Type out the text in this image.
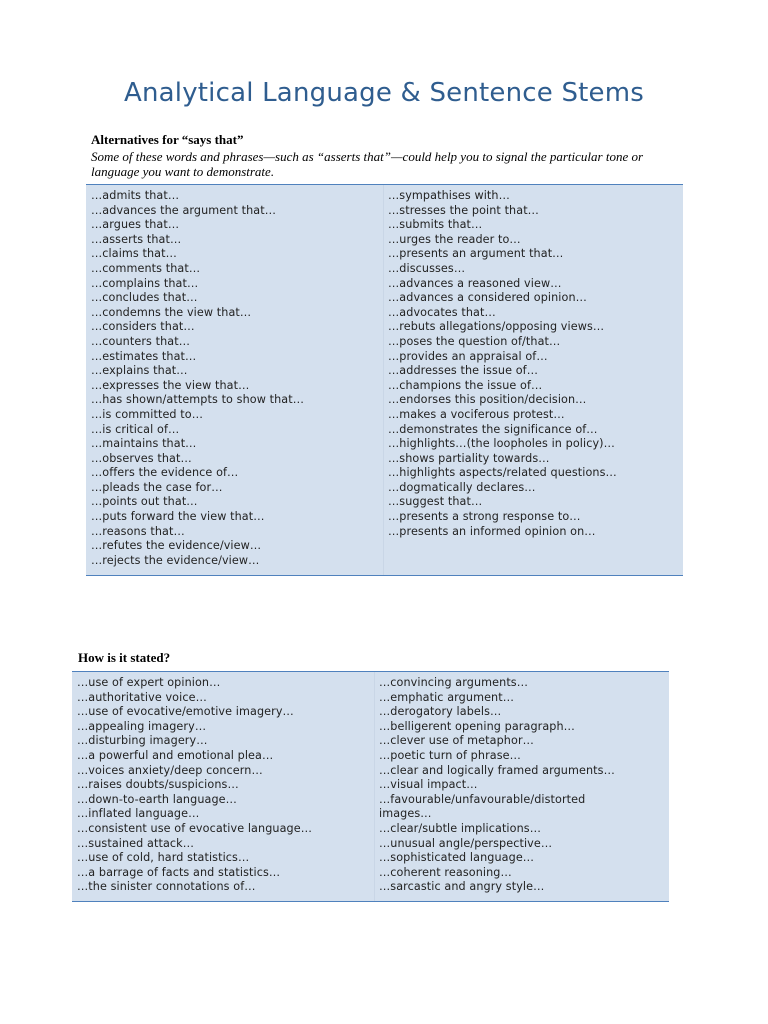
Analytical Language & Sentence Stems
Alternatives for “says that”
Some of these words and phrases—such as “asserts that”—could help you to signal the particular tone or language you want to demonstrate.
…admits that…
…advances the argument that…
…argues that…
…asserts that…
…claims that…
…comments that…
…complains that…
…concludes that…
…condemns the view that…
…considers that…
…counters that…
…estimates that…
…explains that…
…expresses the view that…
…has shown/attempts to show that…
…is committed to…
…is critical of…
…maintains that…
…observes that…
…offers the evidence of…
…pleads the case for…
…points out that…
…puts forward the view that…
…reasons that…
…refutes the evidence/view…
…rejects the evidence/view…
…sympathises with…
…stresses the point that…
…submits that…
…urges the reader to…
…presents an argument that…
…discusses…
…advances a reasoned view…
…advances a considered opinion…
…advocates that…
…rebuts allegations/opposing views…
…poses the question of/that…
…provides an appraisal of…
…addresses the issue of…
…champions the issue of…
…endorses this position/decision…
…makes a vociferous protest…
…demonstrates the significance of…
…highlights…(the loopholes in policy)…
…shows partiality towards…
…highlights aspects/related questions…
…dogmatically declares…
…suggest that…
…presents a strong response to…
…presents an informed opinion on…
How is it stated?
…use of expert opinion…
…authoritative voice…
…use of evocative/emotive imagery…
…appealing imagery…
…disturbing imagery…
…a powerful and emotional plea…
…voices anxiety/deep concern…
…raises doubts/suspicions…
…down-to-earth language…
…inflated language…
…consistent use of evocative language…
…sustained attack…
…use of cold, hard statistics…
…a barrage of facts and statistics…
…the sinister connotations of…
…convincing arguments…
…emphatic argument…
…derogatory labels…
…belligerent opening paragraph…
…clever use of metaphor…
…poetic turn of phrase…
…clear and logically framed arguments…
…visual impact…
…favourable/unfavourable/distorted images…
…clear/subtle implications…
…unusual angle/perspective…
…sophisticated language…
…coherent reasoning…
…sarcastic and angry style…
